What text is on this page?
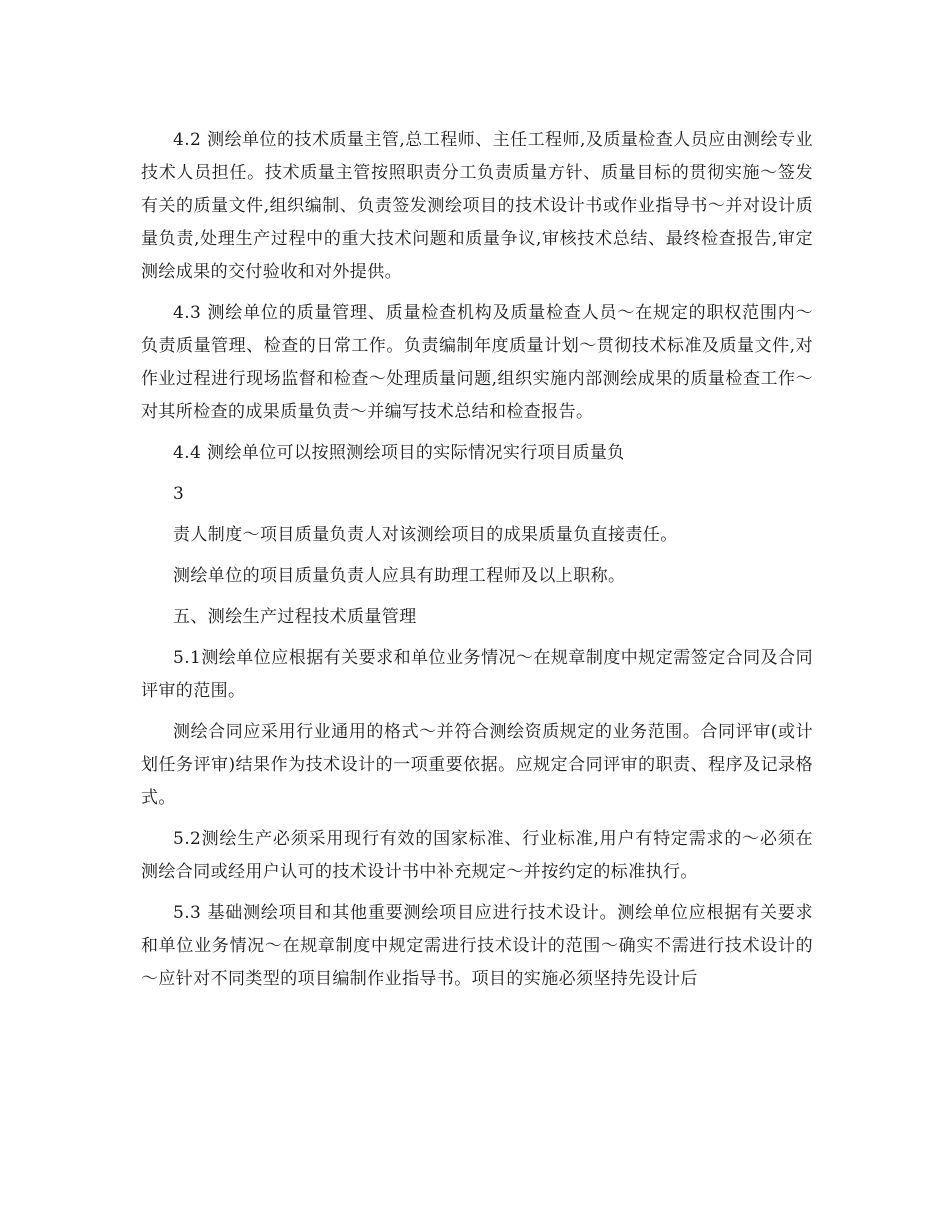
4.2 测绘单位的技术质量主管,总工程师、主任工程师,及质量检查人员应由测绘专业技术人员担任。技术质量主管按照职责分工负责质量方针、质量目标的贯彻实施～签发有关的质量文件,组织编制、负责签发测绘项目的技术设计书或作业指导书～并对设计质量负责,处理生产过程中的重大技术问题和质量争议,审核技术总结、最终检查报告,审定测绘成果的交付验收和对外提供。

4.3 测绘单位的质量管理、质量检查机构及质量检查人员～在规定的职权范围内～负责质量管理、检查的日常工作。负责编制年度质量计划～贯彻技术标准及质量文件,对作业过程进行现场监督和检查～处理质量问题,组织实施内部测绘成果的质量检查工作～对其所检查的成果质量负责～并编写技术总结和检查报告。

4.4 测绘单位可以按照测绘项目的实际情况实行项目质量负

3

责人制度～项目质量负责人对该测绘项目的成果质量负直接责任。

测绘单位的项目质量负责人应具有助理工程师及以上职称。

五、测绘生产过程技术质量管理

5.1测绘单位应根据有关要求和单位业务情况～在规章制度中规定需签定合同及合同评审的范围。

测绘合同应采用行业通用的格式～并符合测绘资质规定的业务范围。合同评审(或计划任务评审)结果作为技术设计的一项重要依据。应规定合同评审的职责、程序及记录格式。

5.2测绘生产必须采用现行有效的国家标准、行业标准,用户有特定需求的～必须在测绘合同或经用户认可的技术设计书中补充规定～并按约定的标准执行。

5.3 基础测绘项目和其他重要测绘项目应进行技术设计。测绘单位应根据有关要求和单位业务情况～在规章制度中规定需进行技术设计的范围～确实不需进行技术设计的～应针对不同类型的项目编制作业指导书。项目的实施必须坚持先设计后
